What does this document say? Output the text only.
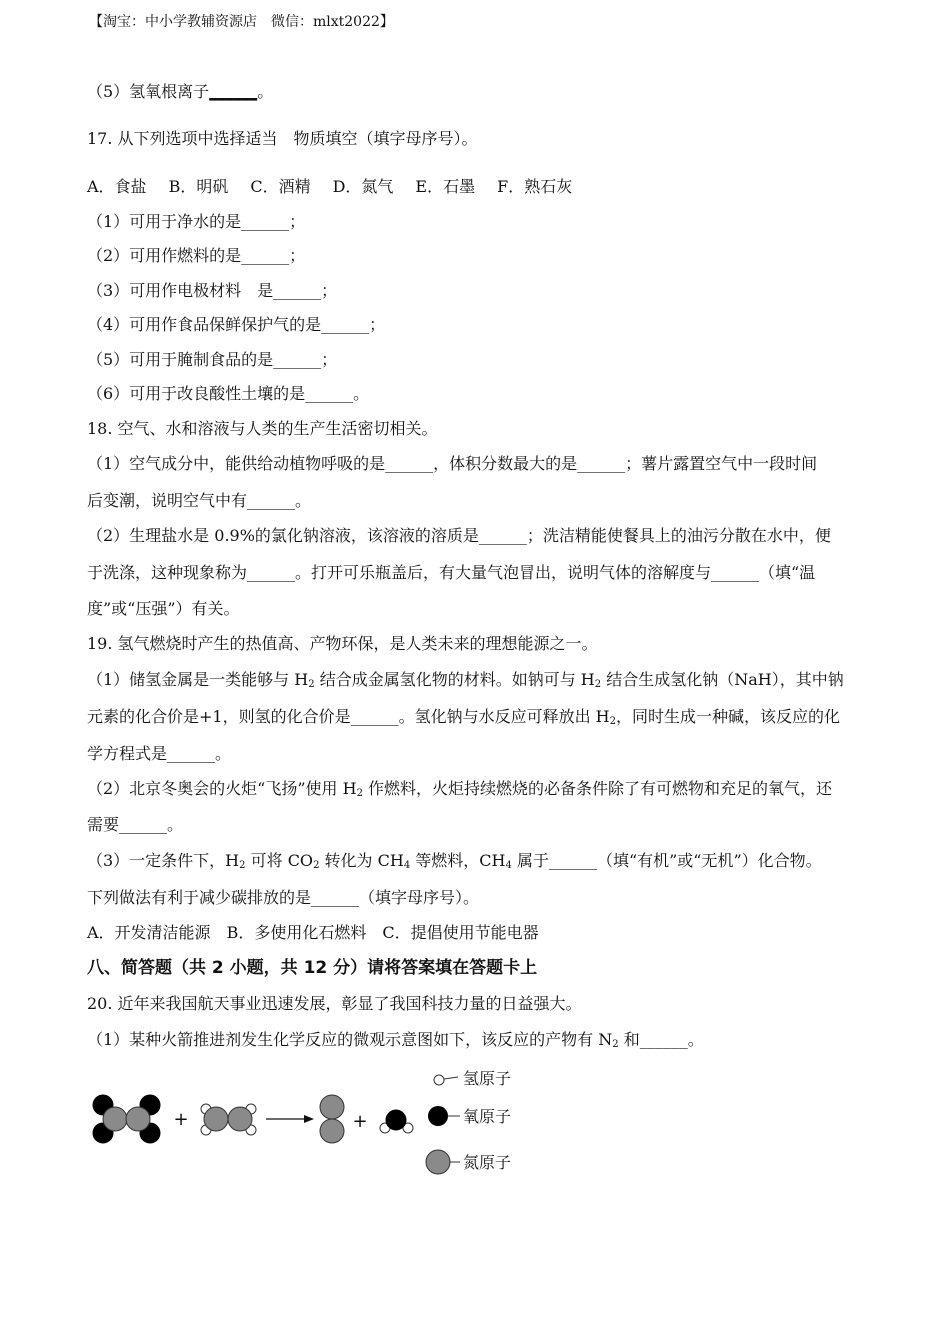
【淘宝：中小学教辅资源店　微信：mlxt2022】
（5）氢氧根离子______。
17. 从下列选项中选择适当　物质填空（填字母序号）。
A．食盐 B．明矾 C．酒精 D．氮气 E．石墨 F．熟石灰
（1）可用于净水的是______；
（2）可用作燃料的是______；
（3）可用作电极材料　是______；
（4）可用作食品保鲜保护气的是______；
（5）可用于腌制食品的是______；
（6）可用于改良酸性土壤的是______。
18. 空气、水和溶液与人类的生产生活密切相关。
（1）空气成分中，能供给动植物呼吸的是______，体积分数最大的是______；薯片露置空气中一段时间
后变潮，说明空气中有______。
（2）生理盐水是 0.9%的氯化钠溶液，该溶液的溶质是______；洗洁精能使餐具上的油污分散在水中，便
于洗涤，这种现象称为______。打开可乐瓶盖后，有大量气泡冒出，说明气体的溶解度与______（填“温
度”或“压强”）有关。
19. 氢气燃烧时产生的热值高、产物环保，是人类未来的理想能源之一。
（1）储氢金属是一类能够与 $H_2$ 结合成金属氢化物的材料。如钠可与 $H_2$ 结合生成氢化钠（NaH），其中钠
元素的化合价是+1，则氢的化合价是______。氢化钠与水反应可释放出 $H_2$，同时生成一种碱，该反应的化
学方程式是______。
（2）北京冬奥会的火炬“飞扬”使用 $H_2$ 作燃料，火炬持续燃烧的必备条件除了有可燃物和充足的氧气，还
需要______。
（3）一定条件下，$H_2$ 可将 $CO_2$ 转化为 $CH_4$ 等燃料，$CH_4$ 属于______（填“有机”或“无机”）化合物。
下列做法有利于减少碳排放的是______（填字母序号）。
A．开发清洁能源 B．多使用化石燃料 C．提倡使用节能电器
八、简答题（共 2 小题，共 12 分）请将答案填在答题卡上
20. 近年来我国航天事业迅速发展，彰显了我国科技力量的日益强大。
（1）某种火箭推进剂发生化学反应的微观示意图如下，该反应的产物有 $N_2$ 和______。
+	+
氢原子
氧原子
氮原子
